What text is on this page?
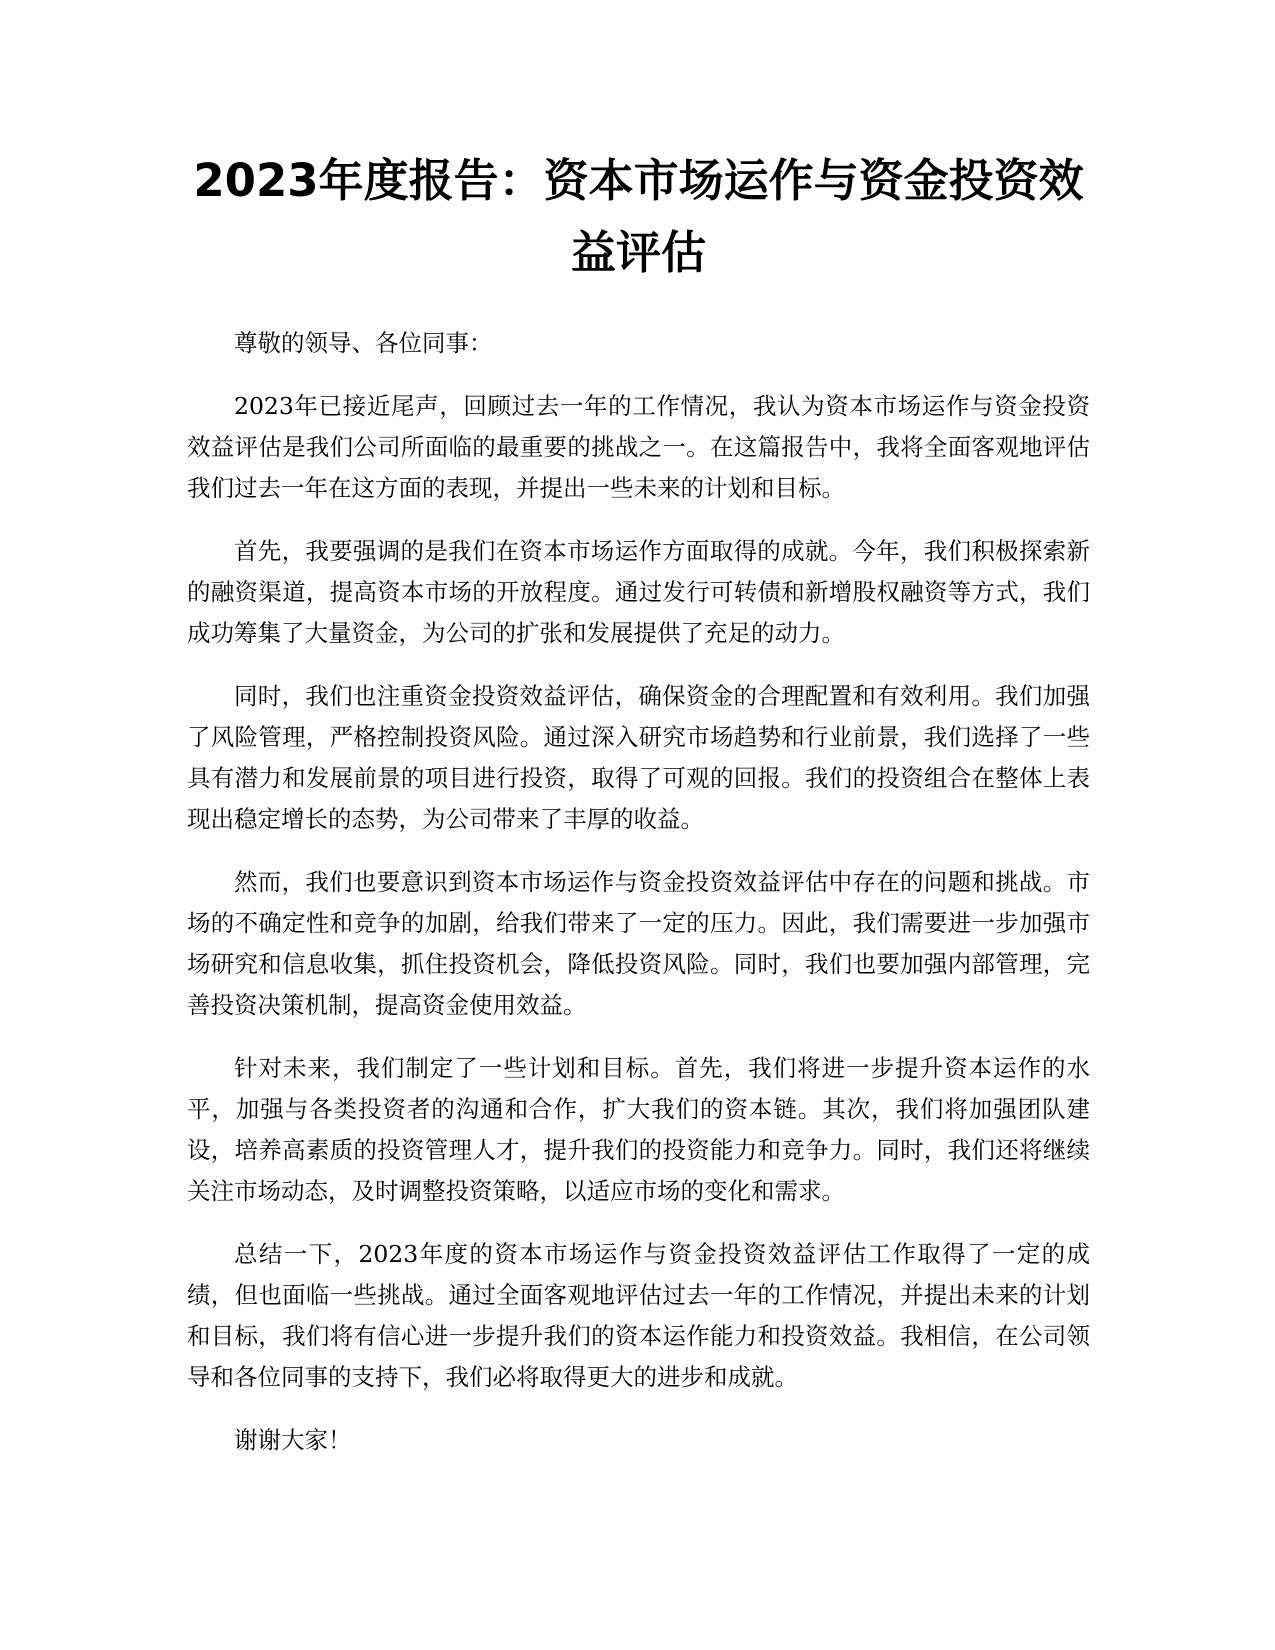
2023年度报告：资本市场运作与资金投资效益评估

尊敬的领导、各位同事：

2023年已接近尾声，回顾过去一年的工作情况，我认为资本市场运作与资金投资效益评估是我们公司所面临的最重要的挑战之一。在这篇报告中，我将全面客观地评估我们过去一年在这方面的表现，并提出一些未来的计划和目标。

首先，我要强调的是我们在资本市场运作方面取得的成就。今年，我们积极探索新的融资渠道，提高资本市场的开放程度。通过发行可转债和新增股权融资等方式，我们成功筹集了大量资金，为公司的扩张和发展提供了充足的动力。

同时，我们也注重资金投资效益评估，确保资金的合理配置和有效利用。我们加强了风险管理，严格控制投资风险。通过深入研究市场趋势和行业前景，我们选择了一些具有潜力和发展前景的项目进行投资，取得了可观的回报。我们的投资组合在整体上表现出稳定增长的态势，为公司带来了丰厚的收益。

然而，我们也要意识到资本市场运作与资金投资效益评估中存在的问题和挑战。市场的不确定性和竞争的加剧，给我们带来了一定的压力。因此，我们需要进一步加强市场研究和信息收集，抓住投资机会，降低投资风险。同时，我们也要加强内部管理，完善投资决策机制，提高资金使用效益。

针对未来，我们制定了一些计划和目标。首先，我们将进一步提升资本运作的水平，加强与各类投资者的沟通和合作，扩大我们的资本链。其次，我们将加强团队建设，培养高素质的投资管理人才，提升我们的投资能力和竞争力。同时，我们还将继续关注市场动态，及时调整投资策略，以适应市场的变化和需求。

总结一下，2023年度的资本市场运作与资金投资效益评估工作取得了一定的成绩，但也面临一些挑战。通过全面客观地评估过去一年的工作情况，并提出未来的计划和目标，我们将有信心进一步提升我们的资本运作能力和投资效益。我相信，在公司领导和各位同事的支持下，我们必将取得更大的进步和成就。

谢谢大家！
